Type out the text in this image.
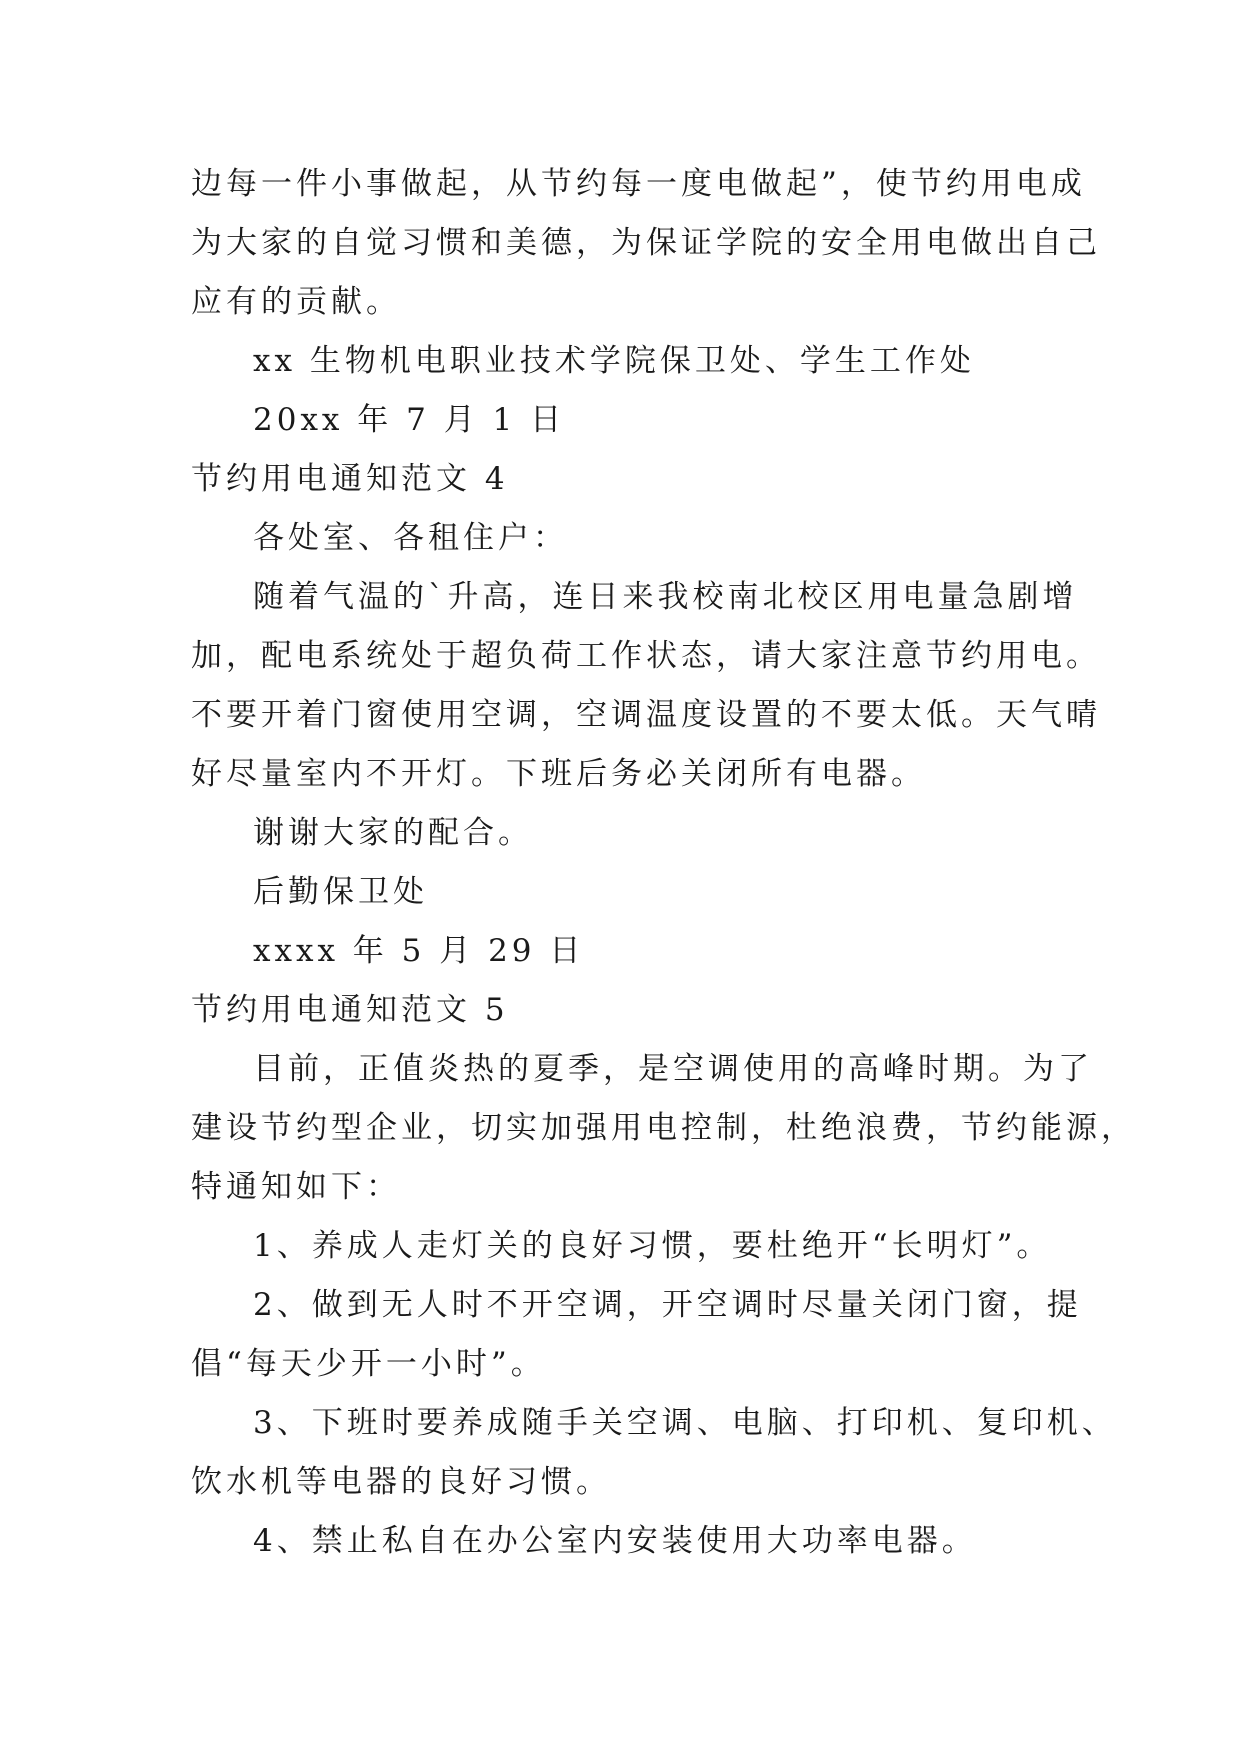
边每一件小事做起，从节约每一度电做起”，使节约用电成
为大家的自觉习惯和美德，为保证学院的安全用电做出自己
应有的贡献。
xx 生物机电职业技术学院保卫处、学生工作处
20xx 年 7 月 1 日
节约用电通知范文 4
各处室、各租住户：
随着气温的`升高，连日来我校南北校区用电量急剧增
加，配电系统处于超负荷工作状态，请大家注意节约用电。
不要开着门窗使用空调，空调温度设置的不要太低。天气晴
好尽量室内不开灯。下班后务必关闭所有电器。
谢谢大家的配合。
后勤保卫处
xxxx 年 5 月 29 日
节约用电通知范文 5
目前，正值炎热的夏季，是空调使用的高峰时期。为了
建设节约型企业，切实加强用电控制，杜绝浪费，节约能源，
特通知如下：
1、养成人走灯关的良好习惯，要杜绝开“长明灯”。
2、做到无人时不开空调，开空调时尽量关闭门窗，提
倡“每天少开一小时”。
3、下班时要养成随手关空调、电脑、打印机、复印机、
饮水机等电器的良好习惯。
4、禁止私自在办公室内安装使用大功率电器。
